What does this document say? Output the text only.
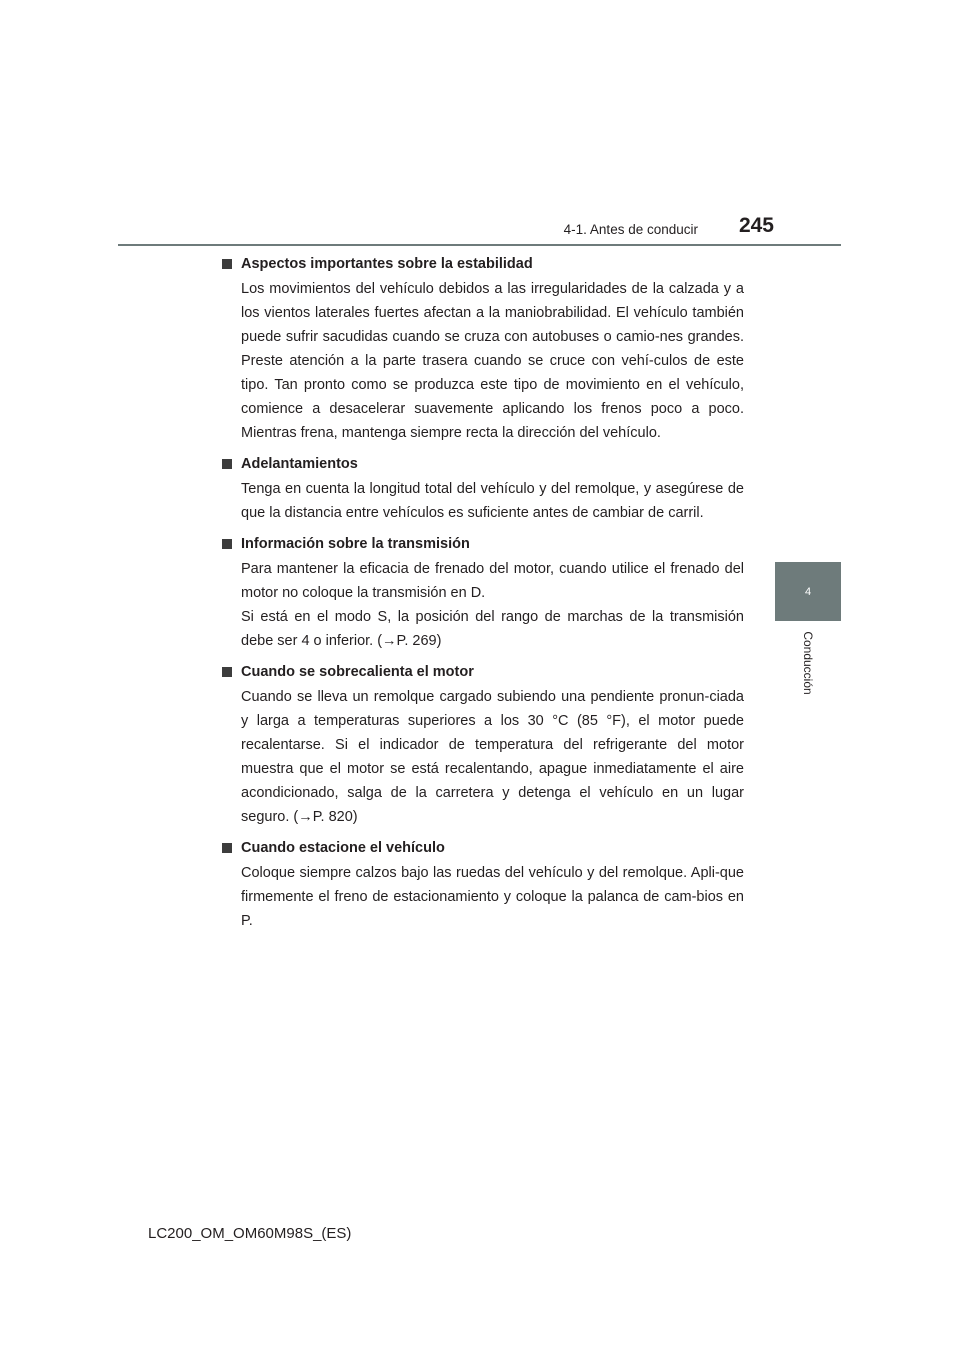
4-1. Antes de conducir	245
4
Conducción
Aspectos importantes sobre la estabilidad

Los movimientos del vehículo debidos a las irregularidades de la calzada y a los vientos laterales fuertes afectan a la maniobrabilidad. El vehículo también puede sufrir sacudidas cuando se cruza con autobuses o camio-nes grandes. Preste atención a la parte trasera cuando se cruce con vehí-culos de este tipo. Tan pronto como se produzca este tipo de movimiento en el vehículo, comience a desacelerar suavemente aplicando los frenos poco a poco. Mientras frena, mantenga siempre recta la dirección del vehículo.

Adelantamientos

Tenga en cuenta la longitud total del vehículo y del remolque, y asegúrese de que la distancia entre vehículos es suficiente antes de cambiar de carril.

Información sobre la transmisión

Para mantener la eficacia de frenado del motor, cuando utilice el frenado del motor no coloque la transmisión en D.

Si está en el modo S, la posición del rango de marchas de la transmisión debe ser 4 o inferior. (→P. 269)

Cuando se sobrecalienta el motor

Cuando se lleva un remolque cargado subiendo una pendiente pronun-ciada y larga a temperaturas superiores a los 30 °C (85 °F), el motor puede recalentarse. Si el indicador de temperatura del refrigerante del motor muestra que el motor se está recalentando, apague inmediatamente el aire acondicionado, salga de la carretera y detenga el vehículo en un lugar seguro. (→P. 820)

Cuando estacione el vehículo

Coloque siempre calzos bajo las ruedas del vehículo y del remolque. Apli-que firmemente el freno de estacionamiento y coloque la palanca de cam-bios en P.

LC200_OM_OM60M98S_(ES)
